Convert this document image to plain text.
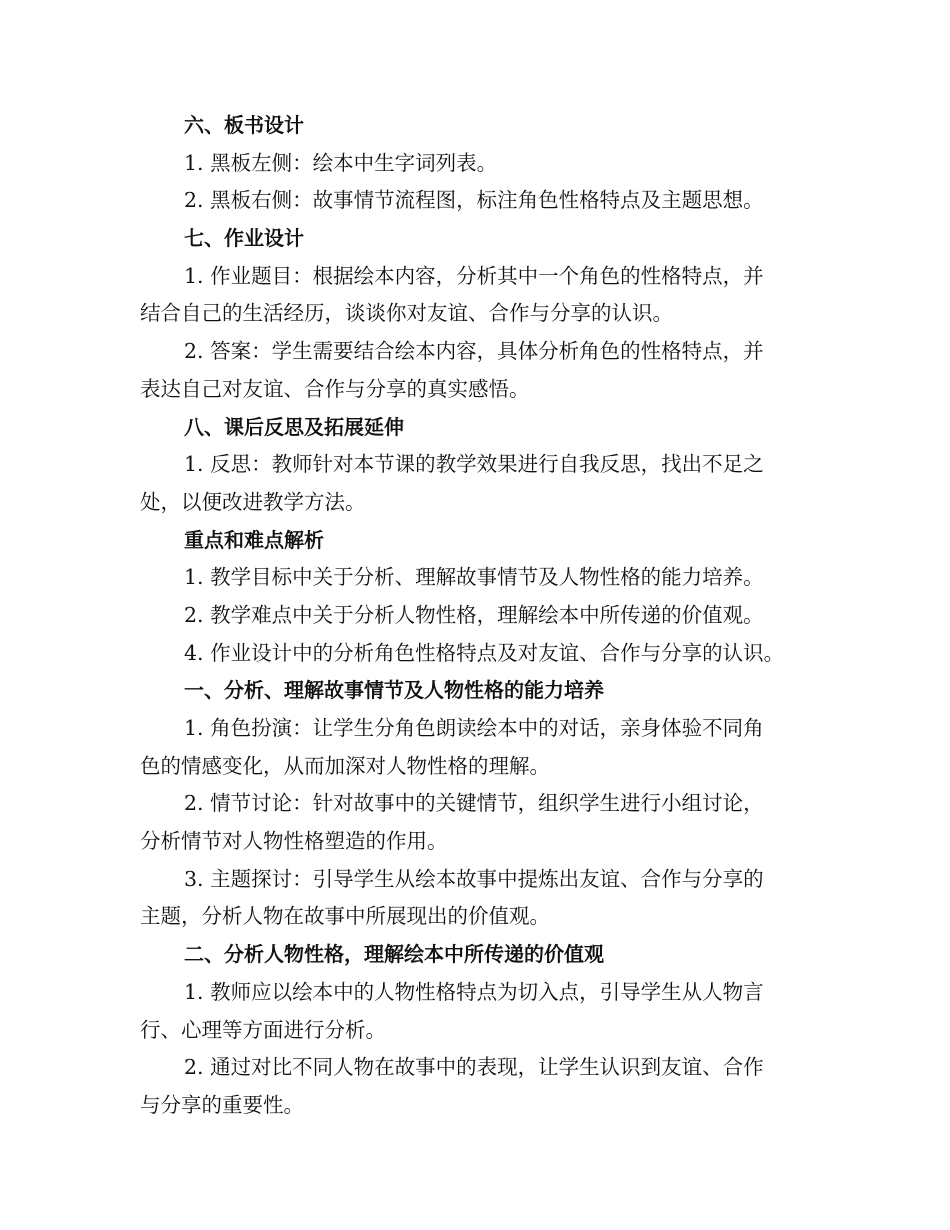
六、板书设计
1. 黑板左侧：绘本中生字词列表。
2. 黑板右侧：故事情节流程图，标注角色性格特点及主题思想。
七、作业设计
1. 作业题目：根据绘本内容，分析其中一个角色的性格特点，并
结合自己的生活经历，谈谈你对友谊、合作与分享的认识。
2. 答案：学生需要结合绘本内容，具体分析角色的性格特点，并
表达自己对友谊、合作与分享的真实感悟。
八、课后反思及拓展延伸
1. 反思：教师针对本节课的教学效果进行自我反思，找出不足之
处，以便改进教学方法。
重点和难点解析
1. 教学目标中关于分析、理解故事情节及人物性格的能力培养。
2. 教学难点中关于分析人物性格，理解绘本中所传递的价值观。
4. 作业设计中的分析角色性格特点及对友谊、合作与分享的认识。
一、分析、理解故事情节及人物性格的能力培养
1. 角色扮演：让学生分角色朗读绘本中的对话，亲身体验不同角
色的情感变化，从而加深对人物性格的理解。
2. 情节讨论：针对故事中的关键情节，组织学生进行小组讨论，
分析情节对人物性格塑造的作用。
3. 主题探讨：引导学生从绘本故事中提炼出友谊、合作与分享的
主题，分析人物在故事中所展现出的价值观。
二、分析人物性格，理解绘本中所传递的价值观
1. 教师应以绘本中的人物性格特点为切入点，引导学生从人物言
行、心理等方面进行分析。
2. 通过对比不同人物在故事中的表现，让学生认识到友谊、合作
与分享的重要性。
